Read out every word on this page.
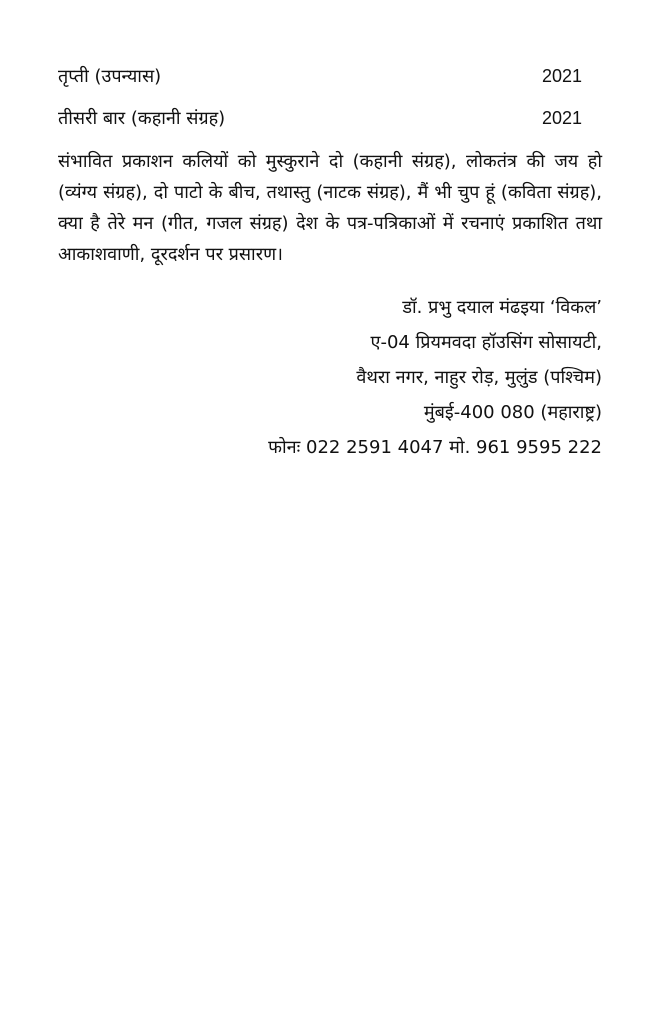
तृप्ती (उपन्यास)	2021
तीसरी बार (कहानी संग्रह)	2021
संभावित प्रकाशन कलियों को मुस्कुराने दो (कहानी संग्रह), लोकतंत्र की जय हो (व्यंग्य संग्रह), दो पाटो के बीच, तथास्तु (नाटक संग्रह), मैं भी चुप हूं (कविता संग्रह), क्या है तेरे मन (गीत, गजल संग्रह) देश के पत्र-पत्रिकाओं में रचनाएं प्रकाशित तथा आकाशवाणी, दूरदर्शन पर प्रसारण।
डॉ. प्रभु दयाल मंढइया ‘विकल’
ए-04 प्रियमवदा हॉउसिंग सोसायटी,
वैथरा नगर, नाहुर रोड़, मुलुंड (पश्चिम)
मुंबई-400 080 (महाराष्ट्र)
फोनः 022 2591 4047 मो. 961 9595 222
